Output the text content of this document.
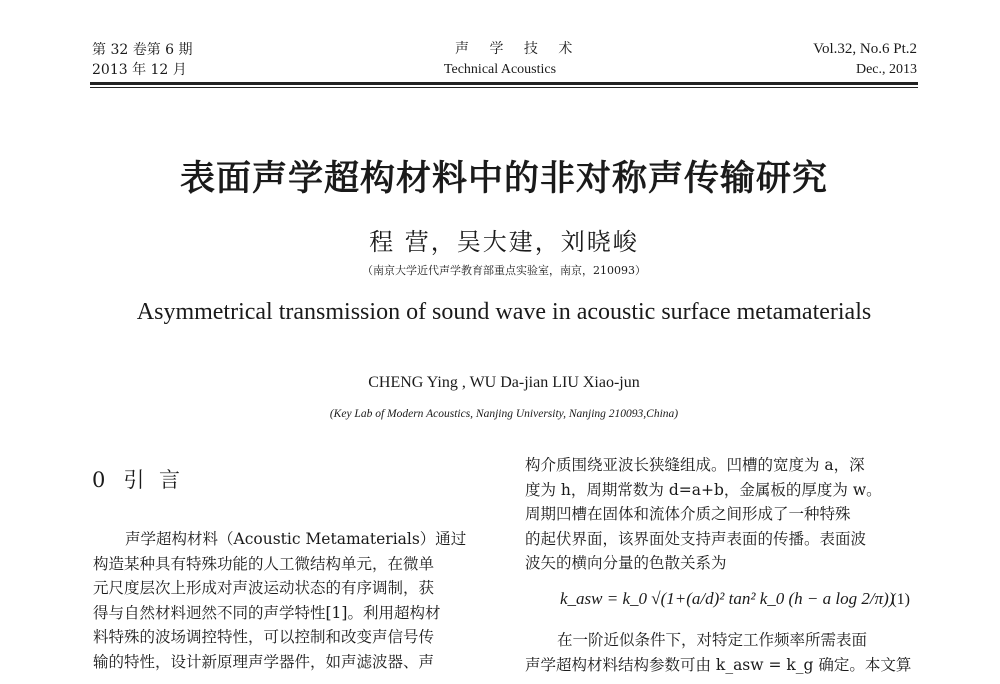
第 32 卷第 6 期
2013 年 12 月
声 学 技 术
Technical Acoustics
Vol.32, No.6 Pt.2
Dec., 2013
表面声学超构材料中的非对称声传输研究
程 营，吴大建，刘晓峻
（南京大学近代声学教育部重点实验室，南京，210093）
Asymmetrical transmission of sound wave in acoustic surface metamaterials
CHENG Ying , WU Da-jian LIU Xiao-jun
(Key Lab of Modern Acoustics, Nanjing University, Nanjing 210093,China)
0 引 言
声学超构材料（Acoustic Metamaterials）通过
构造某种具有特殊功能的人工微结构单元，在微单
元尺度层次上形成对声波运动状态的有序调制，获
得与自然材料迥然不同的声学特性[1]。利用超构材
料特殊的波场调控特性，可以控制和改变声信号传
输的特性，设计新原理声学器件，如声滤波器、声
构介质围绕亚波长狭缝组成。凹槽的宽度为 a，深
度为 h，周期常数为 d=a+b，金属板的厚度为 w。
周期凹槽在固体和流体介质之间形成了一种特殊
的起伏界面，该界面处支持声表面的传播。表面波
波矢的横向分量的色散关系为
k_asw = k_0 √(1+(a/d)² tan² k_0 (h − a log 2/π))
(1)
在一阶近似条件下，对特定工作频率所需表面
声学超构材料结构参数可由 k_asw = k_g 确定。本文算
